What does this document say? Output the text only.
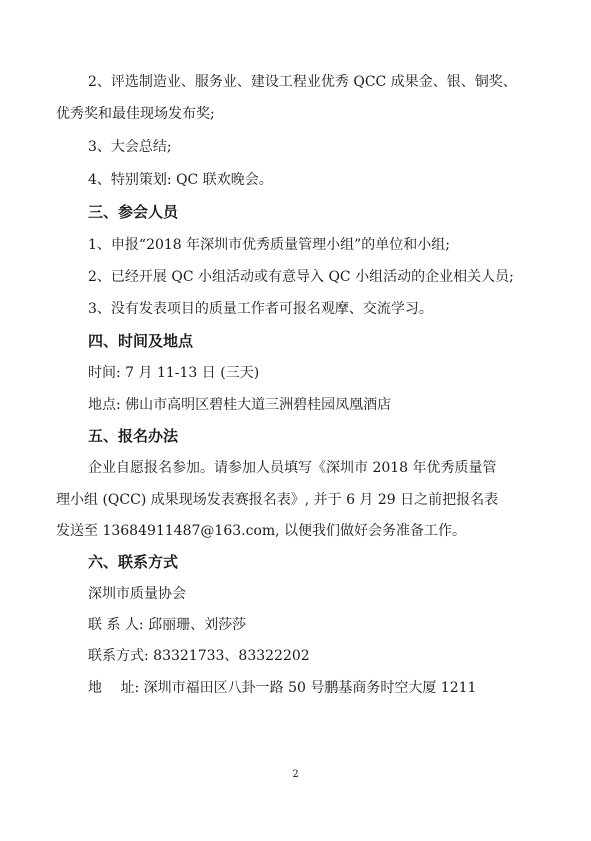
2、评选制造业、服务业、建设工程业优秀 QCC 成果金、银、铜奖、
优秀奖和最佳现场发布奖;
3、大会总结;
4、特别策划: QC 联欢晚会。
三、参会人员
1、申报“2018 年深圳市优秀质量管理小组”的单位和小组;
2、已经开展 QC 小组活动或有意导入 QC 小组活动的企业相关人员;
3、没有发表项目的质量工作者可报名观摩、交流学习。
四、时间及地点
时间: 7 月 11-13 日 (三天)
地点: 佛山市高明区碧桂大道三洲碧桂园凤凰酒店
五、报名办法
企业自愿报名参加。请参加人员填写《深圳市 2018 年优秀质量管
理小组 (QCC) 成果现场发表赛报名表》, 并于 6 月 29 日之前把报名表
发送至 13684911487@163.com, 以便我们做好会务准备工作。
六、联系方式
深圳市质量协会
联 系 人: 邱丽珊、刘莎莎
联系方式: 83321733、83322202
地　 址: 深圳市福田区八卦一路 50 号鹏基商务时空大厦 1211
2
